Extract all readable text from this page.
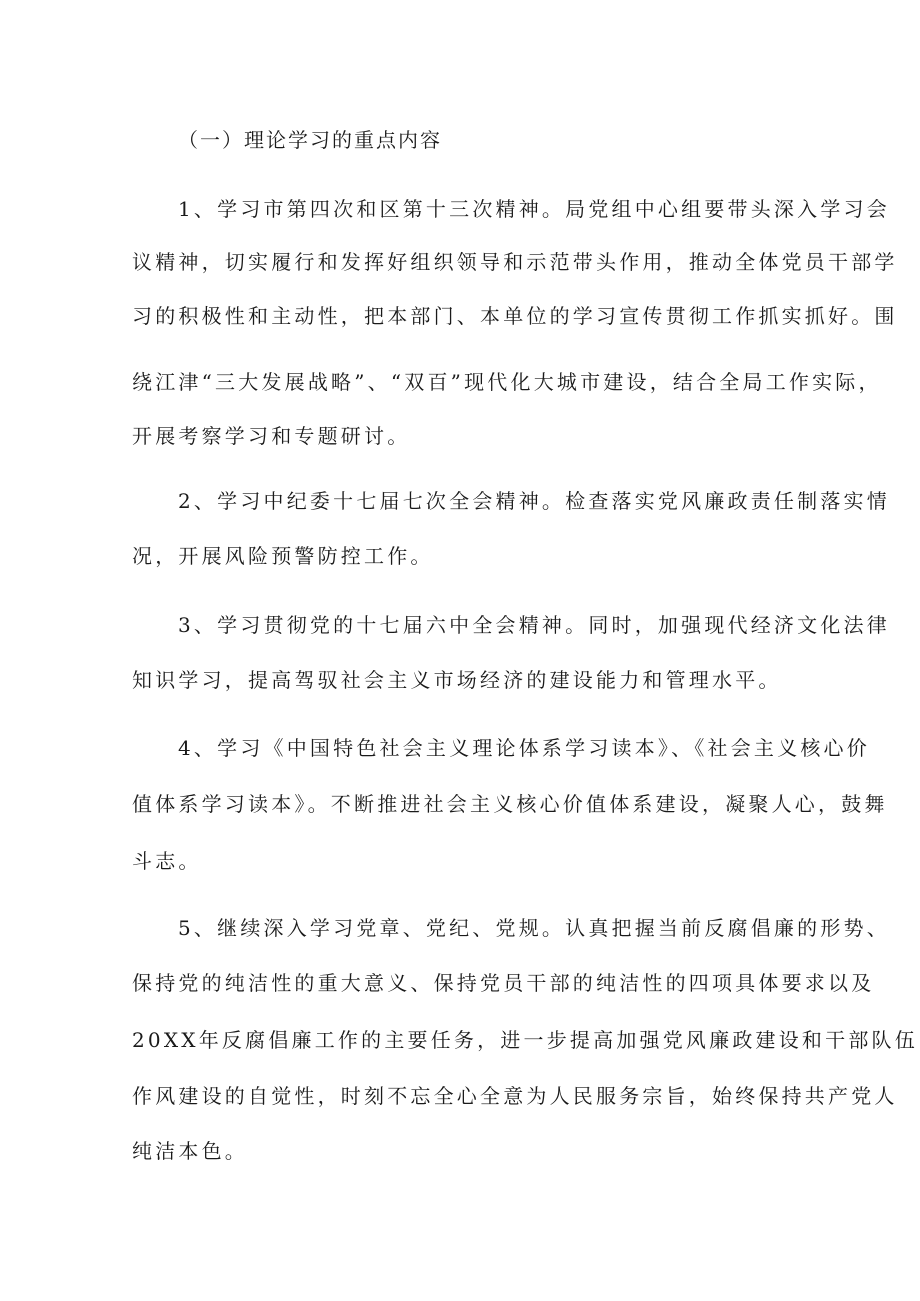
（一）理论学习的重点内容
1、学习市第四次和区第十三次精神。局党组中心组要带头深入学习会
议精神，切实履行和发挥好组织领导和示范带头作用，推动全体党员干部学
习的积极性和主动性，把本部门、本单位的学习宣传贯彻工作抓实抓好。围
绕江津“三大发展战略”、“双百”现代化大城市建设，结合全局工作实际，
开展考察学习和专题研讨。
2、学习中纪委十七届七次全会精神。检查落实党风廉政责任制落实情
况，开展风险预警防控工作。
3、学习贯彻党的十七届六中全会精神。同时，加强现代经济文化法律
知识学习，提高驾驭社会主义市场经济的建设能力和管理水平。
4、学习《中国特色社会主义理论体系学习读本》、《社会主义核心价
值体系学习读本》。不断推进社会主义核心价值体系建设，凝聚人心，鼓舞
斗志。
5、继续深入学习党章、党纪、党规。认真把握当前反腐倡廉的形势、
保持党的纯洁性的重大意义、保持党员干部的纯洁性的四项具体要求以及
20XX年反腐倡廉工作的主要任务，进一步提高加强党风廉政建设和干部队伍
作风建设的自觉性，时刻不忘全心全意为人民服务宗旨，始终保持共产党人
纯洁本色。
